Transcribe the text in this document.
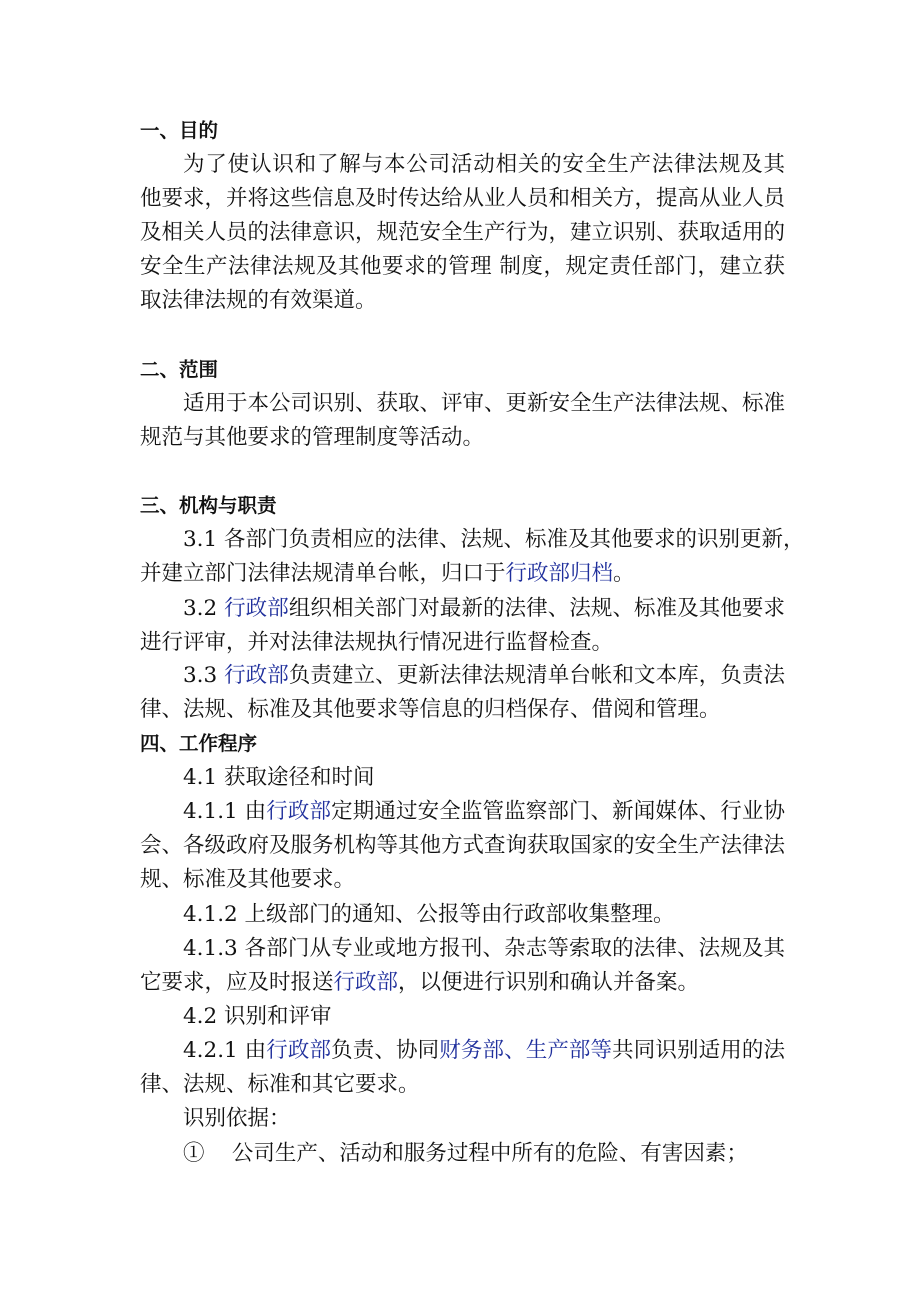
一、目的
为了使认识和了解与本公司活动相关的安全生产法律法规及其
他要求，并将这些信息及时传达给从业人员和相关方，提高从业人员
及相关人员的法律意识，规范安全生产行为，建立识别、获取适用的
安全生产法律法规及其他要求的管理 制度，规定责任部门，建立获
取法律法规的有效渠道。
二、范围
适用于本公司识别、获取、评审、更新安全生产法律法规、标准
规范与其他要求的管理制度等活动。
三、机构与职责
3.1 各部门负责相应的法律、法规、标准及其他要求的识别更新，
并建立部门法律法规清单台帐，归口于行政部归档。
3.2 行政部组织相关部门对最新的法律、法规、标准及其他要求
进行评审，并对法律法规执行情况进行监督检查。
3.3 行政部负责建立、更新法律法规清单台帐和文本库，负责法
律、法规、标准及其他要求等信息的归档保存、借阅和管理。
四、工作程序
4.1 获取途径和时间
4.1.1 由行政部定期通过安全监管监察部门、新闻媒体、行业协
会、各级政府及服务机构等其他方式查询获取国家的安全生产法律法
规、标准及其他要求。
4.1.2 上级部门的通知、公报等由行政部收集整理。
4.1.3 各部门从专业或地方报刊、杂志等索取的法律、法规及其
它要求，应及时报送行政部，以便进行识别和确认并备案。
4.2 识别和评审
4.2.1 由行政部负责、协同财务部、生产部等共同识别适用的法
律、法规、标准和其它要求。
识别依据：
①    公司生产、活动和服务过程中所有的危险、有害因素；
